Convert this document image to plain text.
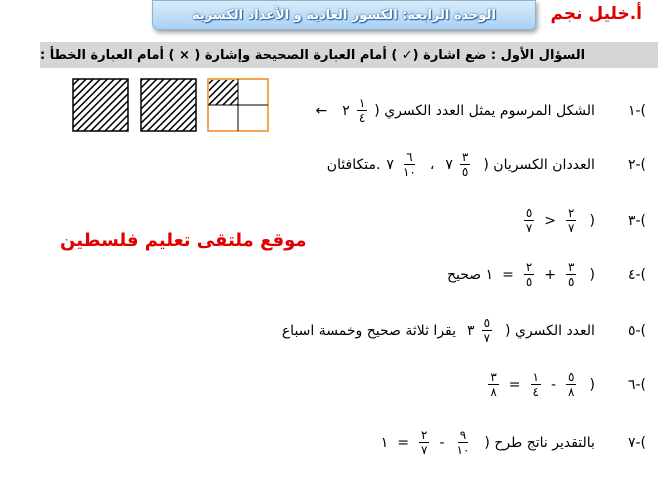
الوحدة الرابعة: الكسور العادية و الأعداد الكسرية	أ.خليل نجم
السؤال الأول : ضع اشارة (✓ ) أمام العبارة الصحيحة وإشارة ( × ) أمام العبارة الخطأ :
١-(
) الشكل المرسوم يمثل العدد الكسري
$\frac{١}{٤}$
٢
←
٢-(
) العددان الكسريان
$\frac{٣}{٥}$
٧
،
$\frac{٦}{١٠}$
٧
متكافئان.
٣-(
)
$\frac{٢}{٧}$
>
$\frac{٥}{٧}$
موقع ملتقى تعليم فلسطين
٤-(
)
$\frac{٣}{٥}$
+
$\frac{٢}{٥}$
=
١ صحيح
٥-(
) العدد الكسري
$\frac{٥}{٧}$
٣
يقرا ثلاثة صحيح وخمسة اسباع
٦-(
)
$\frac{٥}{٨}$
-
$\frac{١}{٤}$
=
$\frac{٣}{٨}$
٧-(
) بالتقدير ناتج طرح
$\frac{٩}{١٠}$
-
$\frac{٢}{٧}$
=
١
